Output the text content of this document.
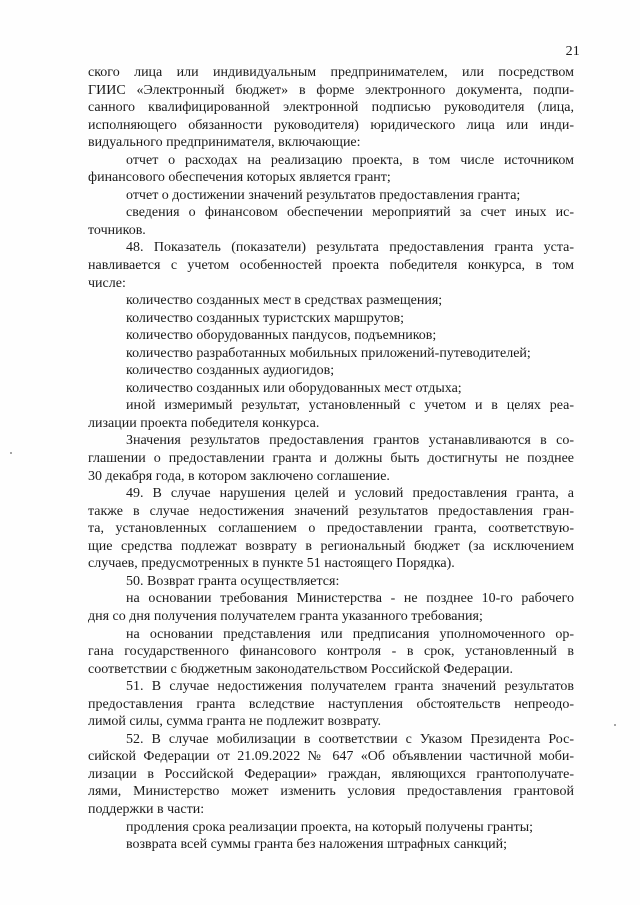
21
ского лица или индивидуальным предпринимателем, или посредством
ГИИС «Электронный бюджет» в форме электронного документа, подпи-
санного квалифицированной электронной подписью руководителя (лица,
исполняющего обязанности руководителя) юридического лица или инди-
видуального предпринимателя, включающие:
отчет о расходах на реализацию проекта, в том числе источником
финансового обеспечения которых является грант;
отчет о достижении значений результатов предоставления гранта;
сведения о финансовом обеспечении мероприятий за счет иных ис-
точников.
48. Показатель (показатели) результата предоставления гранта уста-
навливается с учетом особенностей проекта победителя конкурса, в том
числе:
количество созданных мест в средствах размещения;
количество созданных туристских маршрутов;
количество оборудованных пандусов, подъемников;
количество разработанных мобильных приложений-путеводителей;
количество созданных аудиогидов;
количество созданных или оборудованных мест отдыха;
иной измеримый результат, установленный с учетом и в целях реа-
лизации проекта победителя конкурса.
Значения результатов предоставления грантов устанавливаются в со-
глашении о предоставлении гранта и должны быть достигнуты не позднее
30 декабря года, в котором заключено соглашение.
49. В случае нарушения целей и условий предоставления гранта, а
также в случае недостижения значений результатов предоставления гран-
та, установленных соглашением о предоставлении гранта, соответствую-
щие средства подлежат возврату в региональный бюджет (за исключением
случаев, предусмотренных в пункте 51 настоящего Порядка).
50. Возврат гранта осуществляется:
на основании требования Министерства - не позднее 10-го рабочего
дня со дня получения получателем гранта указанного требования;
на основании представления или предписания уполномоченного ор-
гана государственного финансового контроля - в срок, установленный в
соответствии с бюджетным законодательством Российской Федерации.
51. В случае недостижения получателем гранта значений результатов
предоставления гранта вследствие наступления обстоятельств непреодо-
лимой силы, сумма гранта не подлежит возврату.
52. В случае мобилизации в соответствии с Указом Президента Рос-
сийской Федерации от 21.09.2022 № 647 «Об объявлении частичной моби-
лизации в Российской Федерации» граждан, являющихся грантополучате-
лями, Министерство может изменить условия предоставления грантовой
поддержки в части:
продления срока реализации проекта, на который получены гранты;
возврата всей суммы гранта без наложения штрафных санкций;
